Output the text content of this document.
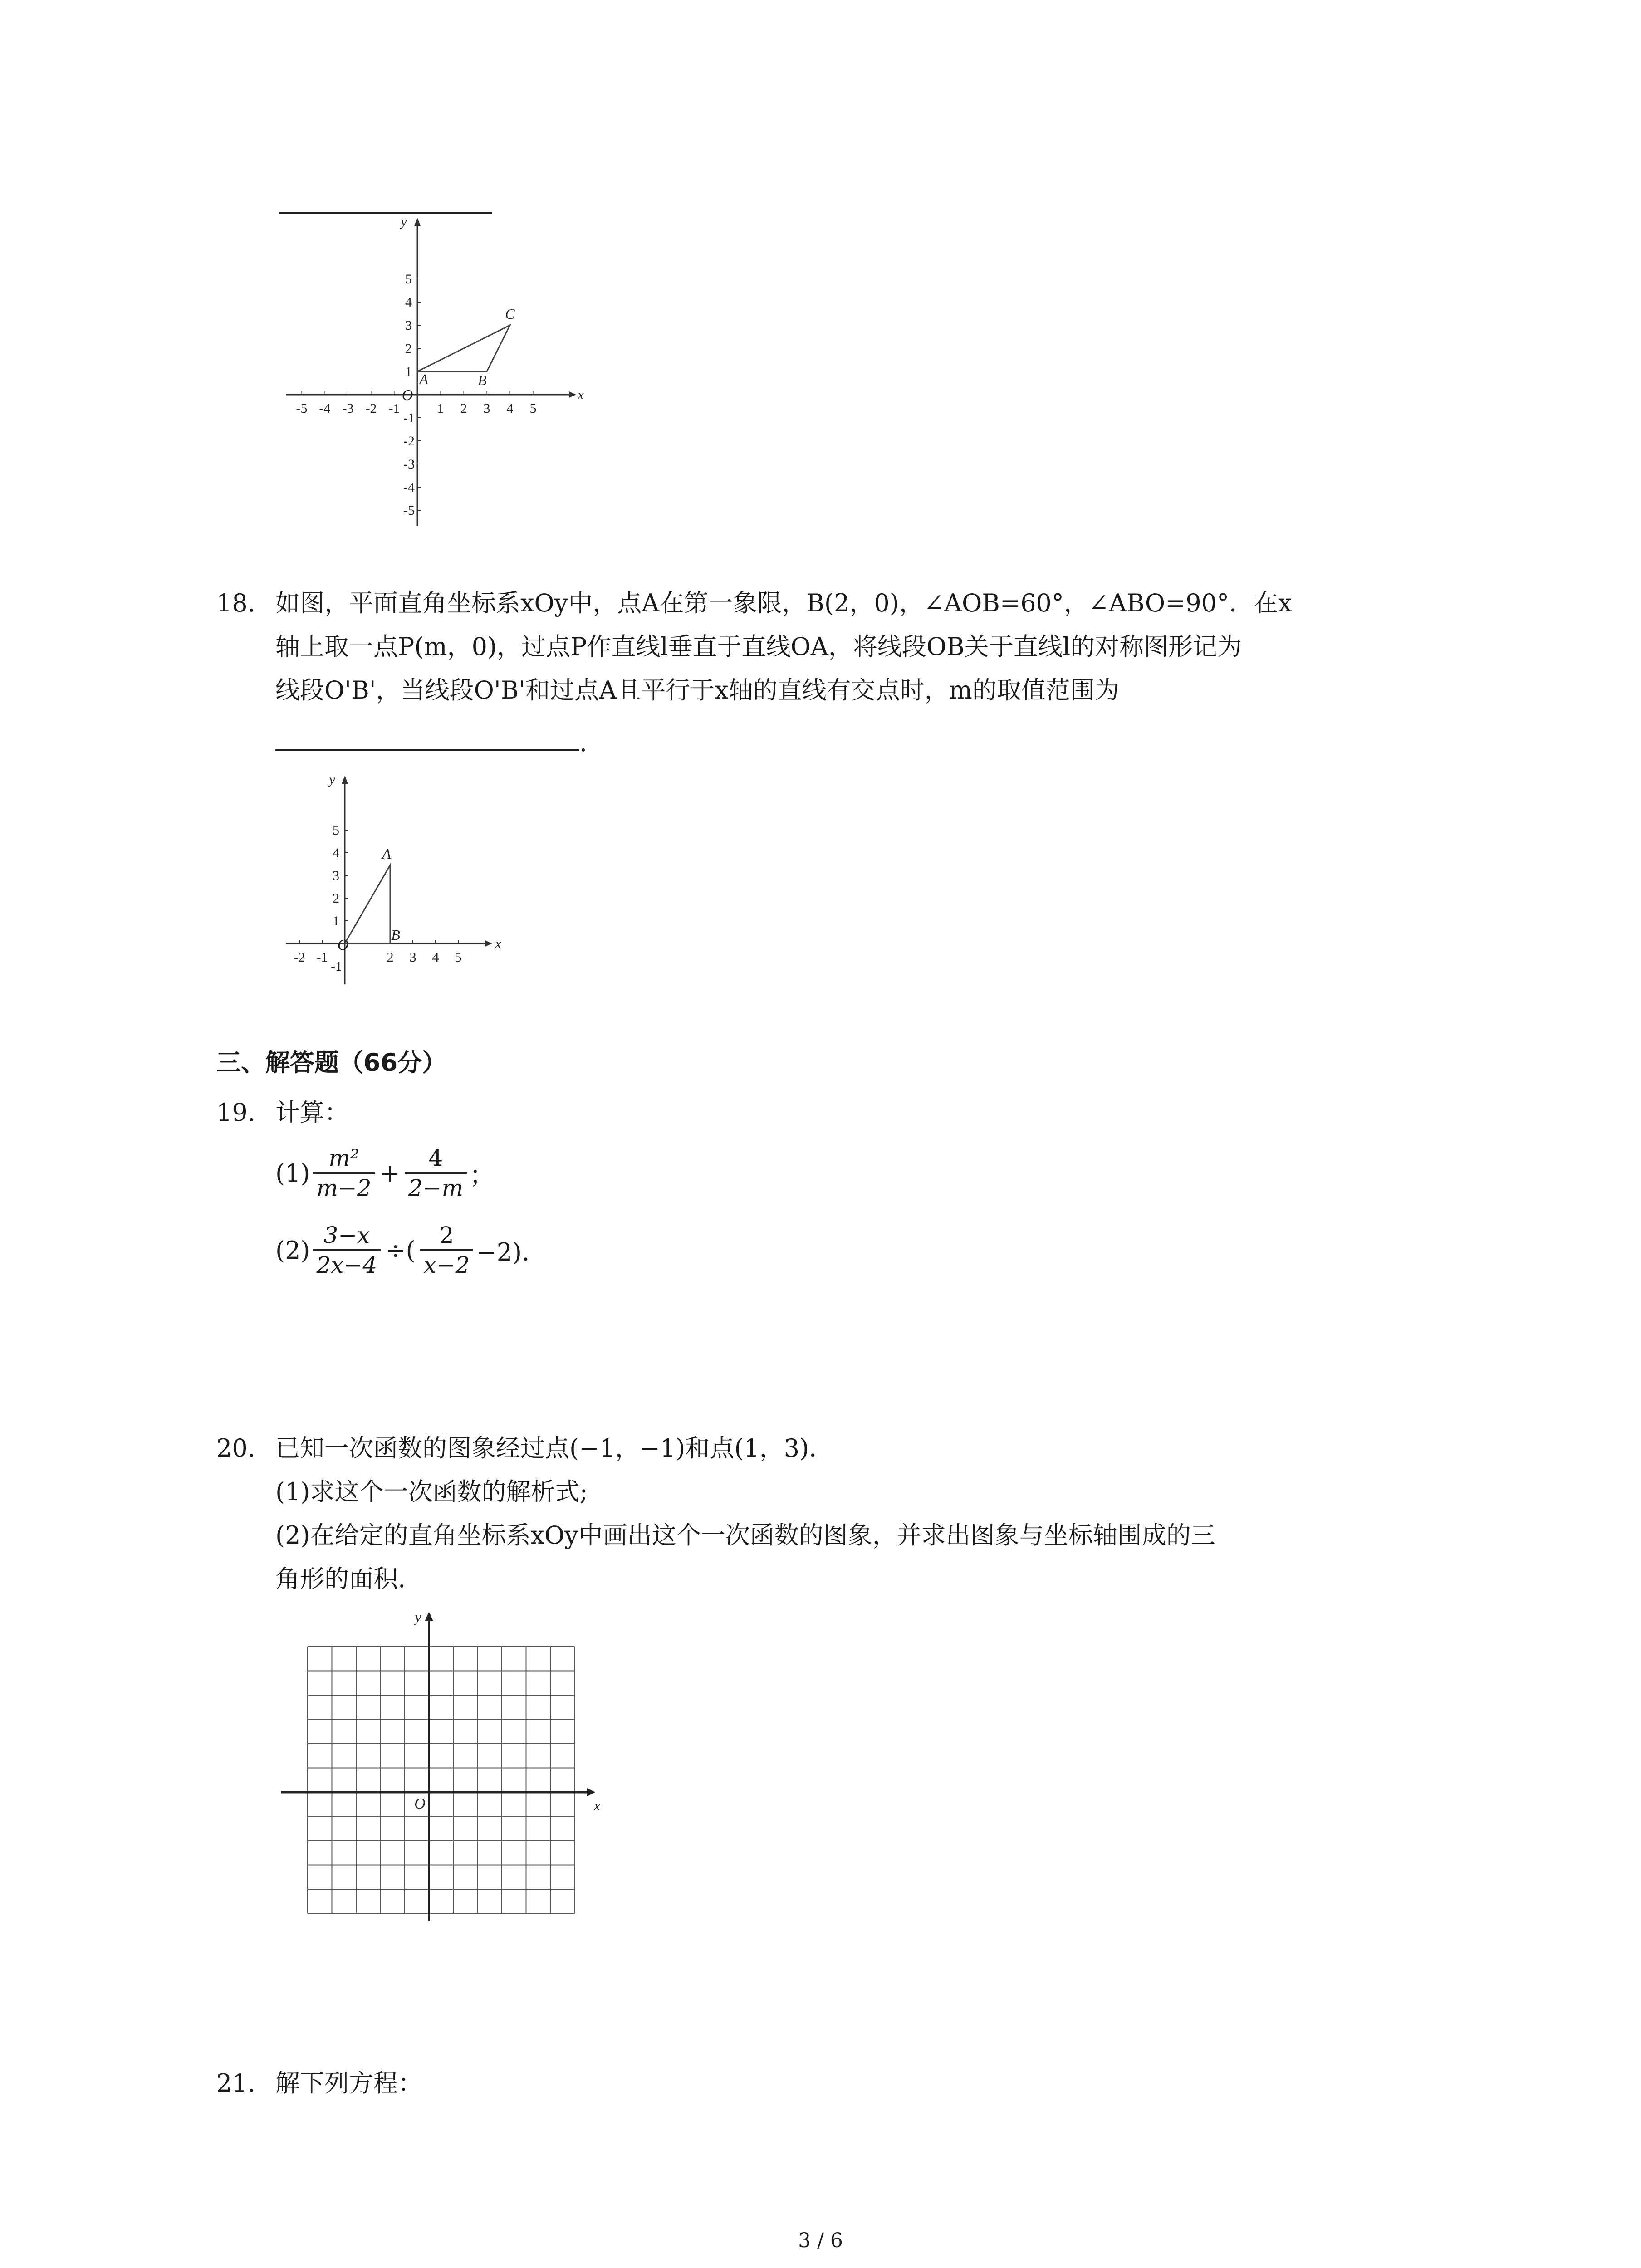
-5 -4 -3 -2 -1	1 2 3 4 5
1
2
3
4
5
-1
-2
-3
-4
-5
y
x
O
A	B
C
18. 如图，平面直角坐标系xOy中，点A在第一象限，B(2，0)，∠AOB=60°，∠ABO=90°．在x
轴上取一点P(m，0)，过点P作直线l垂直于直线OA，将线段OB关于直线l的对称图形记为
线段O'B'，当线段O'B'和过点A且平行于x轴的直线有交点时，m的取值范围为
.
-2 -1	2 3 4 5
1
2
3
4
5
-1
y
x
O
A
B
三、解答题（66分）
19. 计算：
$(1) \frac{\text{m²}}{m-2} + \frac{4}{2-m}$ ；
$(2) \frac{3-x}{2x-4}$ ÷( $\frac{2}{x-2} -2$)．
20. 已知一次函数的图象经过点(−1，−1)和点(1，3)．
(1)求这个一次函数的解析式;
(2)在给定的直角坐标系xOy中画出这个一次函数的图象，并求出图象与坐标轴围成的三
角形的面积.
y
x
O
21. 解下列方程：
3 / 6
